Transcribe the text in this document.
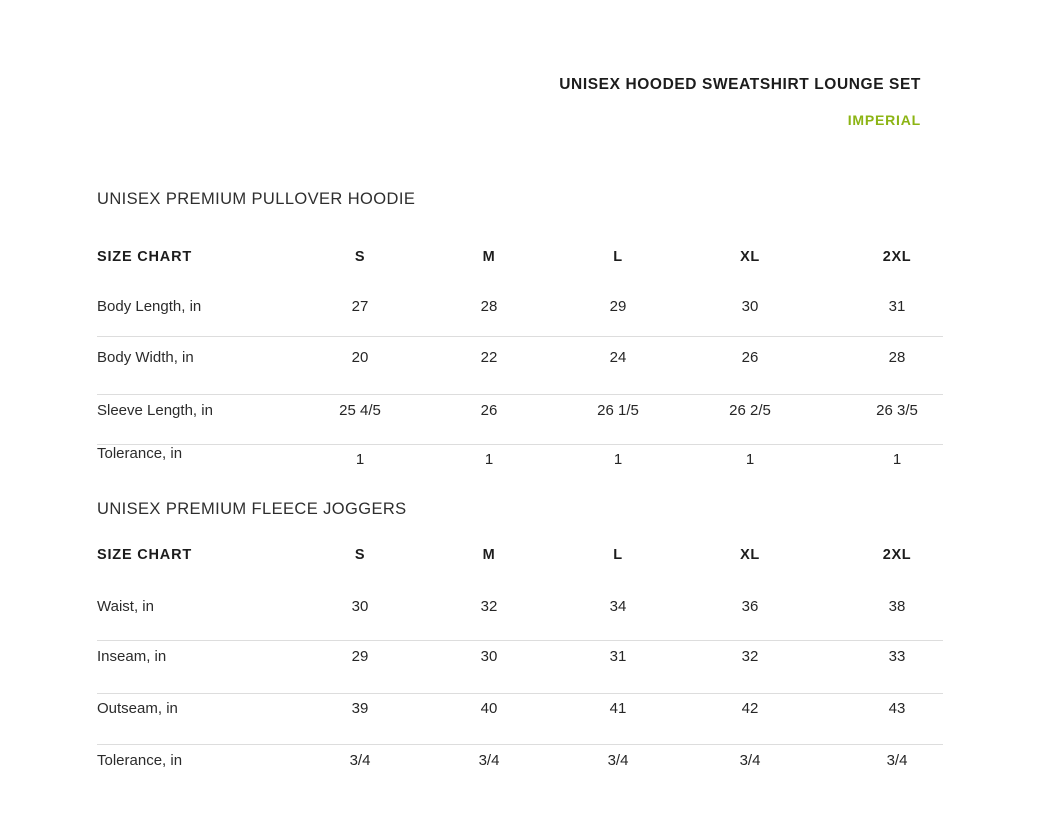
UNISEX HOODED SWEATSHIRT LOUNGE SET
IMPERIAL
UNISEX PREMIUM PULLOVER HOODIE
SIZE CHART	S	M	L	XL	2XL
Body Length, in	27	28	29	30	31
Body Width, in	20	22	24	26	28
Sleeve Length, in	25 4/5	26	26 1/5	26 2/5	26 3/5
Tolerance, in	1	1	1	1	1
UNISEX PREMIUM FLEECE JOGGERS
SIZE CHART	S	M	L	XL	2XL
Waist, in	30	32	34	36	38
Inseam, in	29	30	31	32	33
Outseam, in	39	40	41	42	43
Tolerance, in	3/4	3/4	3/4	3/4	3/4
